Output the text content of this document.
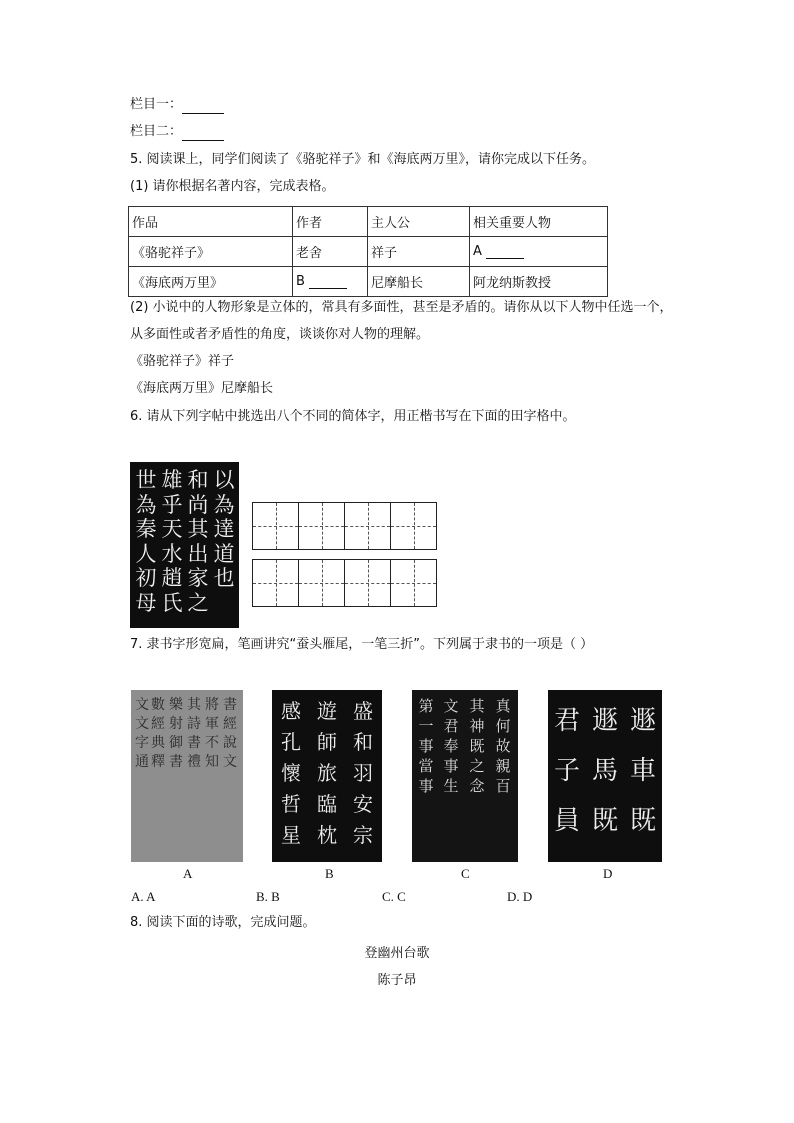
栏目一：
栏目二：
5. 阅读课上，同学们阅读了《骆驼祥子》和《海底两万里》，请你完成以下任务。
(1) 请你根据名著内容，完成表格。
作品	作者	主人公	相关重要人物
《骆驼祥子》	老舍	祥子	A
《海底两万里》	B	尼摩船长	阿龙纳斯教授
(2) 小说中的人物形象是立体的，常具有多面性，甚至是矛盾的。请你从以下人物中任选一个，
从多面性或者矛盾性的角度，谈谈你对人物的理解。
《骆驼祥子》祥子
《海底两万里》尼摩船长
6. 请从下列字帖中挑选出八个不同的简体字，用正楷书写在下面的田字格中。
以
為
達
道
也
和
尚
其
出
家
之
雄
乎
天
水
趙
氏
世
為
秦
人
初
母
7. 隶书字形宽扁，笔画讲究“蚕头雁尾，一笔三折”。下列属于隶书的一项是（ ）
書
經
說
文
將
軍
不
知
其
詩
書
禮
樂
射
御
書
數
經
典
釋
文
文
字
通
盛
和
羽
安
宗
遊
師
旅
臨
枕
感
孔
懷
哲
星
真
何
故
親
百
其
神
既
之
念
文
君
奉
事
生
第
一
事
當
事
遯
車
既
遯
馬
既
君
子
員
A	B	C	D
A. A	B. B	C. C	D. D
8. 阅读下面的诗歌，完成问题。
登幽州台歌
陈子昂
